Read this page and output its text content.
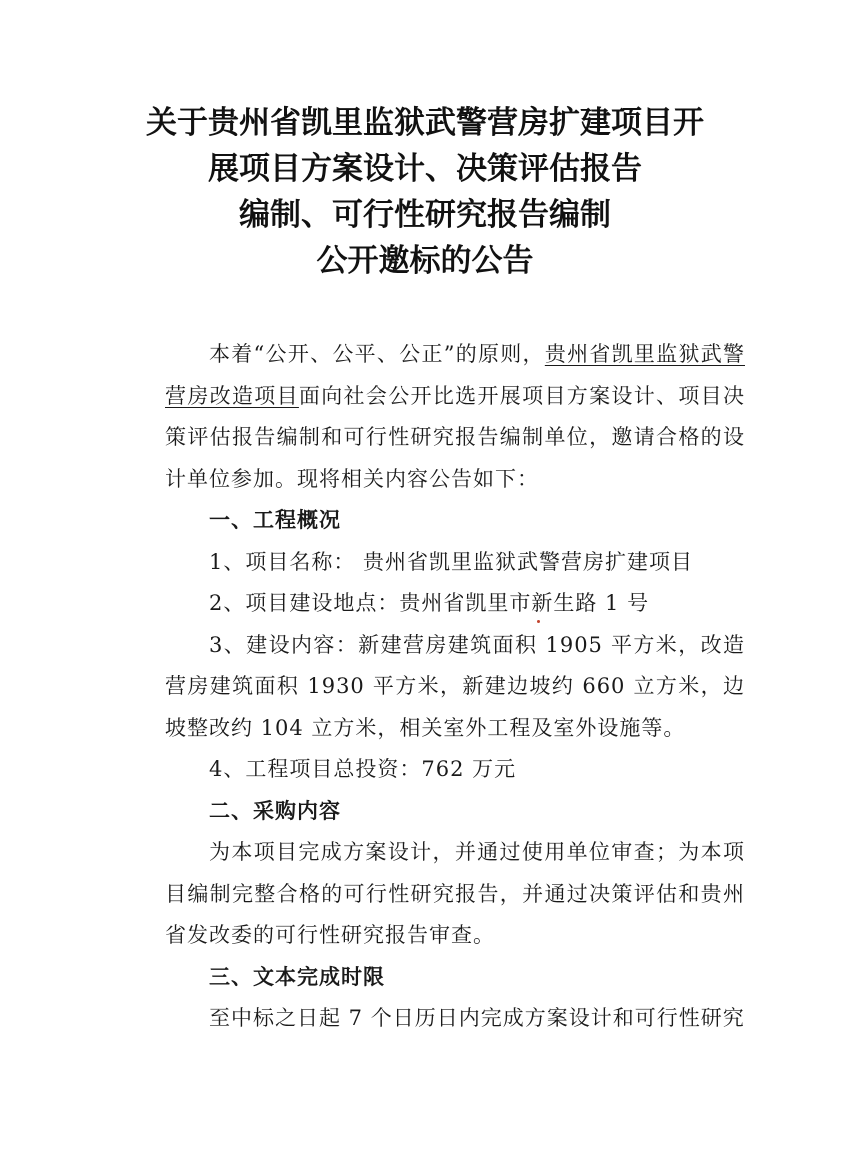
关于贵州省凯里监狱武警营房扩建项目开
展项目方案设计、决策评估报告
编制、可行性研究报告编制
公开邀标的公告

本着“公开、公平、公正”的原则，贵州省凯里监狱武警营房改造项目面向社会公开比选开展项目方案设计、项目决策评估报告编制和可行性研究报告编制单位，邀请合格的设计单位参加。现将相关内容公告如下：

一、工程概况

1、项目名称： 贵州省凯里监狱武警营房扩建项目

2、项目建设地点：贵州省凯里市新生路 1 号

3、建设内容：新建营房建筑面积 1905 平方米，改造营房建筑面积 1930 平方米，新建边坡约 660 立方米，边坡整改约 104 立方米，相关室外工程及室外设施等。

4、工程项目总投资：762 万元

二、采购内容

为本项目完成方案设计，并通过使用单位审查；为本项目编制完整合格的可行性研究报告，并通过决策评估和贵州省发改委的可行性研究报告审查。

三、文本完成时限

至中标之日起 7 个日历日内完成方案设计和可行性研究
